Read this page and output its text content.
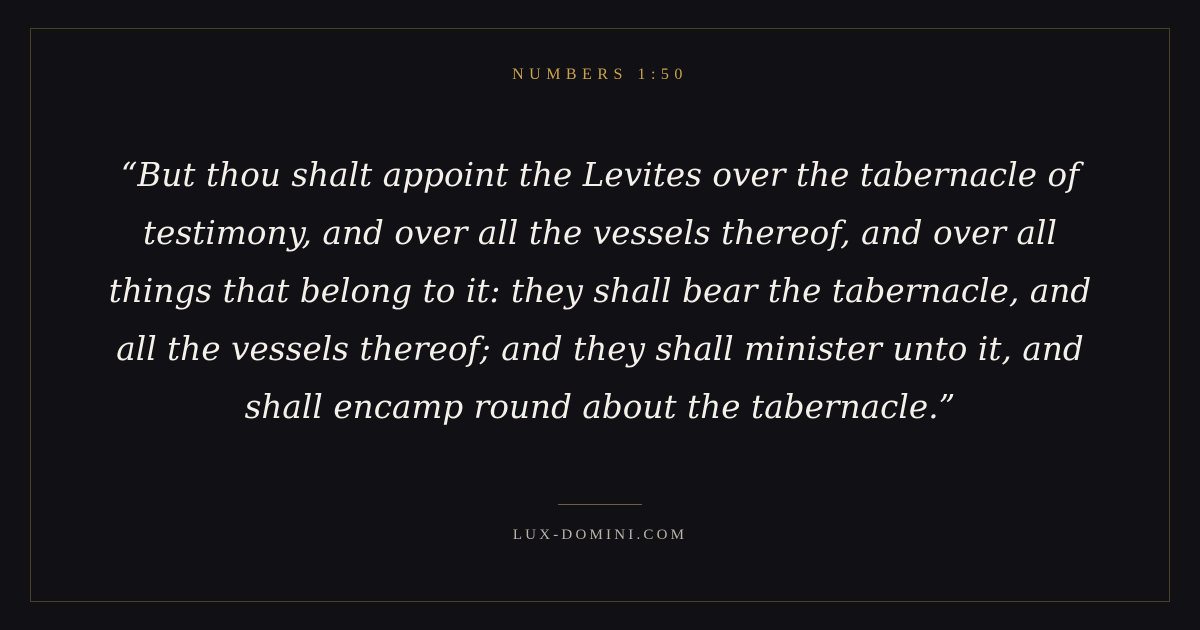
NUMBERS 1:50
“But thou shalt appoint the Levites over the tabernacle of testimony, and over all the vessels thereof, and over all things that belong to it: they shall bear the tabernacle, and all the vessels thereof; and they shall minister unto it, and shall encamp round about the tabernacle.”
LUX-DOMINI.COM
